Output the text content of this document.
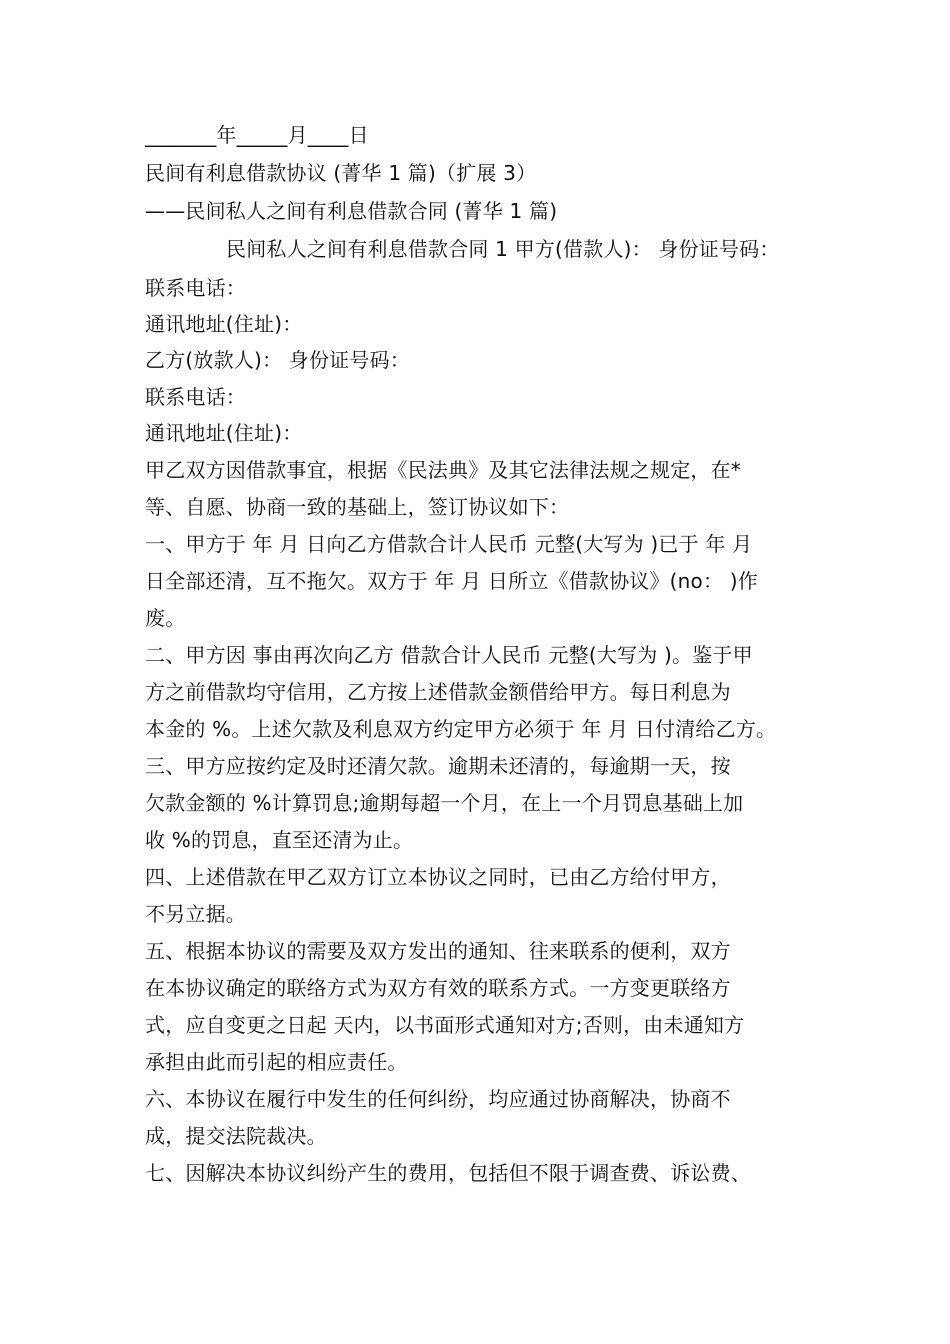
_______年_____月____日
民间有利息借款协议 (菁华 1 篇)（扩展 3）
——民间私人之间有利息借款合同 (菁华 1 篇)
民间私人之间有利息借款合同 1 甲方(借款人)： 身份证号码：
联系电话：
通讯地址(住址)：
乙方(放款人)： 身份证号码：
联系电话：
通讯地址(住址)：
甲乙双方因借款事宜，根据《民法典》及其它法律法规之规定，在*
等、自愿、协商一致的基础上，签订协议如下：
一、甲方于 年 月 日向乙方借款合计人民币 元整(大写为 )已于 年 月
日全部还清，互不拖欠。双方于 年 月 日所立《借款协议》(no： )作
废。
二、甲方因 事由再次向乙方 借款合计人民币 元整(大写为 )。鉴于甲
方之前借款均守信用，乙方按上述借款金额借给甲方。每日利息为
本金的 %。上述欠款及利息双方约定甲方必须于 年 月 日付清给乙方。
三、甲方应按约定及时还清欠款。逾期未还清的，每逾期一天，按
欠款金额的 %计算罚息;逾期每超一个月，在上一个月罚息基础上加
收 %的罚息，直至还清为止。
四、上述借款在甲乙双方订立本协议之同时，已由乙方给付甲方，
不另立据。
五、根据本协议的需要及双方发出的通知、往来联系的便利，双方
在本协议确定的联络方式为双方有效的联系方式。一方变更联络方
式，应自变更之日起 天内，以书面形式通知对方;否则，由未通知方
承担由此而引起的相应责任。
六、本协议在履行中发生的任何纠纷，均应通过协商解决，协商不
成，提交法院裁决。
七、因解决本协议纠纷产生的费用，包括但不限于调查费、诉讼费、
